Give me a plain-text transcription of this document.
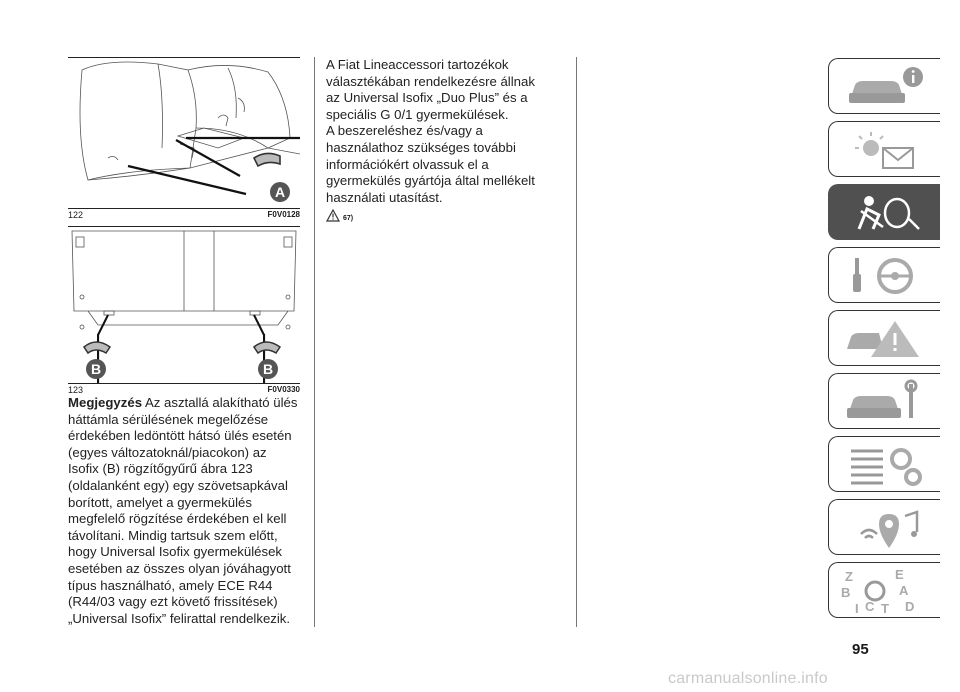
A
122	F0V0128
B	B
123	F0V0330
Megjegyzés Az asztallá alakítható ülés
háttámla sérülésének megelőzése
érdekében ledöntött hátsó ülés esetén
(egyes változatoknál/piacokon) az
Isofix (B) rögzítőgyűrű ábra 123
(oldalanként egy) egy szövetsapkával
borított, amelyet a gyermekülés
megfelelő rögzítése érdekében el kell
távolítani. Mindig tartsuk szem előtt,
hogy Universal Isofix gyermekülések
esetében az összes olyan jóváhagyott
típus használható, amely ECE R44
(R44/03 vagy ezt követő frissítések)
„Universal Isofix” felirattal rendelkezik.
A Fiat Lineaccessori tartozékok
választékában rendelkezésre állnak
az Universal Isofix „Duo Plus” és a
speciális G 0/1 gyermekülések.
A beszereléshez és/vagy a
használathoz szükséges további
információkért olvassuk el a
gyermekülés gyártója által mellékelt
használati utasítást.
67)
Z	E
B	A
I C T D
95
carmanualsonline.info
